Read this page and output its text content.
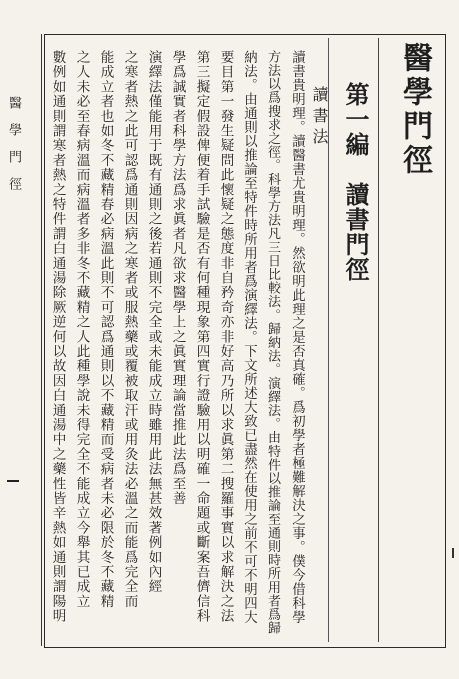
醫學門徑	醫學門徑
第一編　讀書門徑
讀書法
讀書貴明理。讀醫書尤貴明理。然欲明此理之是否真確。爲初學者極難解決之事。僕今借科學
方法以爲搜求之徑。科學方法凡三日比較法。歸納法。演繹法。由特件以推論至通則時所用者爲歸
納法。由通則以推論至特件時所用者爲演繹法。下文所述大致已盡然在使用之前不可不明四大
要目第一發生疑問此懷疑之態度非自矜奇亦非好高乃所以求眞第二搜羅事實以求解決之法
第三擬定假設俾便着手試驗是否有何種現象第四實行證驗用以明確一命題或斷案吾儕信科
學爲誠實者科學方法爲求眞者凡欲求醫學上之眞實理論當推此法爲至善
演繹法僅能用于既有通則之後若通則不完全或未能成立時雖用此法無甚效著例如內經
之寒者熱之此可認爲通則因病之寒者或服熱藥或覆被取汗或用灸法必溫之而能爲完全而
能成立者也如冬不藏精春必病溫此則不可認爲通則以不藏精而受病者未必限於冬不藏精
之人未必至春病溫而病溫者多非冬不藏精之人此種學說未得完全不能成立今舉其已成立
數例如通則謂寒者熱之特件謂白通湯除厥逆何以故因白通湯中之藥性皆辛熱如通則謂陽明
